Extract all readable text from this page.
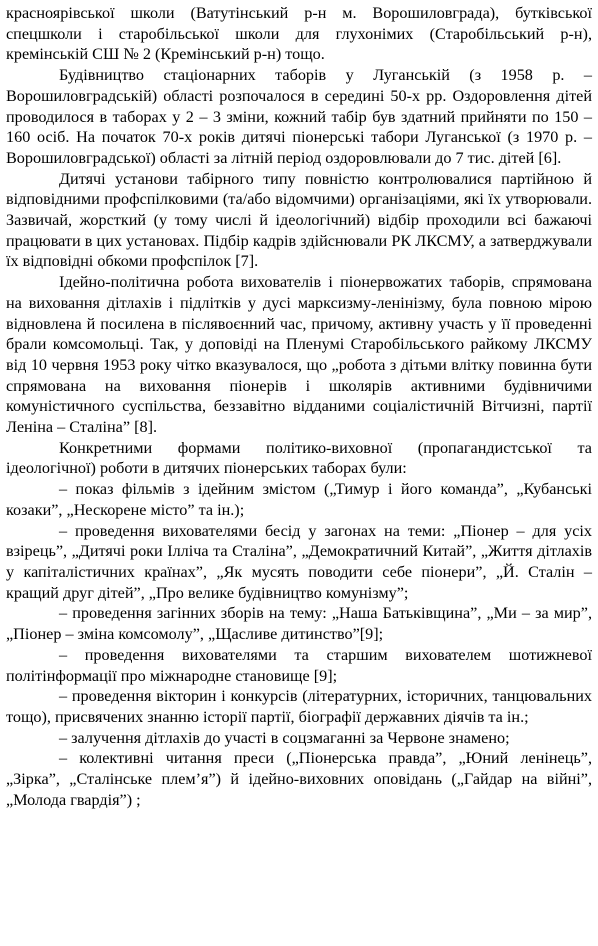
красноярівської школи (Ватутінський р-н м. Ворошиловграда), бутківської спецшколи і старобільської школи для глухонімих (Старобільський р-н), кремінській СШ № 2 (Кремінський р-н) тощо.

Будівництво стаціонарних таборів у Луганській (з 1958 р. – Ворошиловградській) області розпочалося в середині 50-х рр. Оздоровлення дітей проводилося в таборах у 2 – 3 зміни, кожний табір був здатний прийняти по 150 – 160 осіб. На початок 70-х років дитячі піонерські табори Луганської (з 1970 р. – Ворошиловградської) області за літній період оздоровлювали до 7 тис. дітей [6].

Дитячі установи табірного типу повністю контролювалися партійною й відповідними профспілковими (та/або відомчими) організаціями, які їх утворювали. Зазвичай, жорсткий (у тому числі й ідеологічний) відбір проходили всі бажаючі працювати в цих установах. Підбір кадрів здійснювали РК ЛКСМУ, а затверджували їх відповідні обкоми профспілок [7].

Ідейно-політична робота вихователів і піонервожатих таборів, спрямована на виховання дітлахів і підлітків у дусі марксизму-ленінізму, була повною мірою відновлена й посилена в післявоєнний час, причому, активну участь у її проведенні брали комсомольці. Так, у доповіді на Пленумі Старобільського райкому ЛКСМУ від 10 червня 1953 року чітко вказувалося, що „робота з дітьми влітку повинна бути спрямована на виховання піонерів і школярів активними будівничими комуністичного суспільства, беззавітно відданими соціалістичній Вітчизні, партії Леніна – Сталіна” [8].

Конкретними формами політико-виховної (пропагандистської та ідеологічної) роботи в дитячих піонерських таборах були:

– показ фільмів з ідейним змістом („Тимур і його команда”, „Кубанські козаки”, „Нескорене місто” та ін.);

– проведення вихователями бесід у загонах на теми: „Піонер – для усіх взірець”, „Дитячі роки Ілліча та Сталіна”, „Демократичний Китай”, „Життя дітлахів у капіталістичних країнах”, „Як мусять поводити себе піонери”, „Й. Сталін – кращий друг дітей”, „Про велике будівництво комунізму”;

– проведення загінних зборів на тему: „Наша Батьківщина”, „Ми – за мир”, „Піонер – зміна комсомолу”, „Щасливе дитинство”[9];

– проведення вихователями та старшим вихователем шотижневої політінформації про міжнародне становище [9];

– проведення вікторин і конкурсів (літературних, історичних, танцювальних тощо), присвячених знанню історії партії, біографії державних діячів та ін.;

– залучення дітлахів до участі в соцзмаганні за Червоне знамено;

– колективні читання преси („Піонерська правда”, „Юний ленінець”, „Зірка”, „Сталінське плем’я”) й ідейно-виховних оповідань („Гайдар на війні”, „Молода гвардія”) ;
